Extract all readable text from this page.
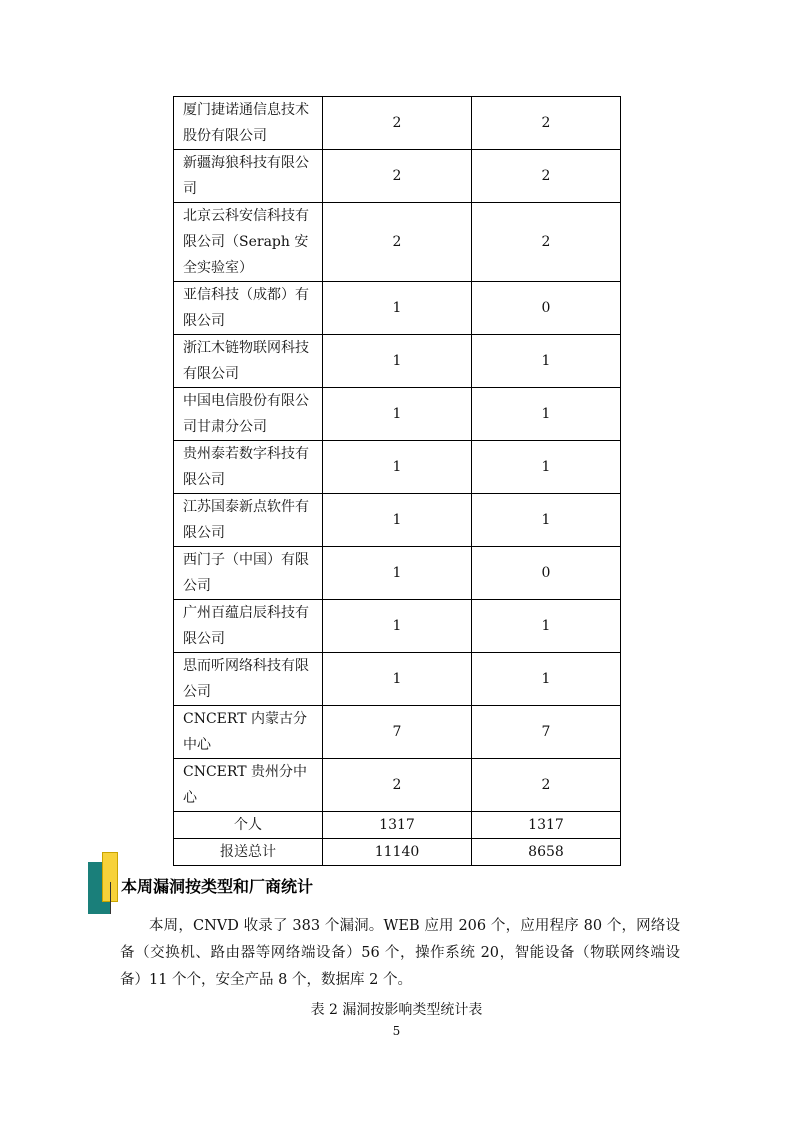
厦门捷诺通信息技术股份有限公司	2	2
新疆海狼科技有限公司	2	2
北京云科安信科技有限公司（Seraph 安全实验室）	2	2
亚信科技（成都）有限公司	1	0
浙江木链物联网科技有限公司	1	1
中国电信股份有限公司甘肃分公司	1	1
贵州泰若数字科技有限公司	1	1
江苏国泰新点软件有限公司	1	1
西门子（中国）有限公司	1	0
广州百蕴启辰科技有限公司	1	1
思而听网络科技有限公司	1	1
CNCERT 内蒙古分中心	7	7
CNCERT 贵州分中心	2	2
个人	1317	1317
报送总计	11140	8658
本周漏洞按类型和厂商统计
本周，CNVD 收录了 383 个漏洞。WEB 应用 206 个，应用程序 80 个，网络设备（交换机、路由器等网络端设备）56 个，操作系统 20，智能设备（物联网终端设备）11 个个，安全产品 8 个，数据库 2 个。
表 2 漏洞按影响类型统计表
5
